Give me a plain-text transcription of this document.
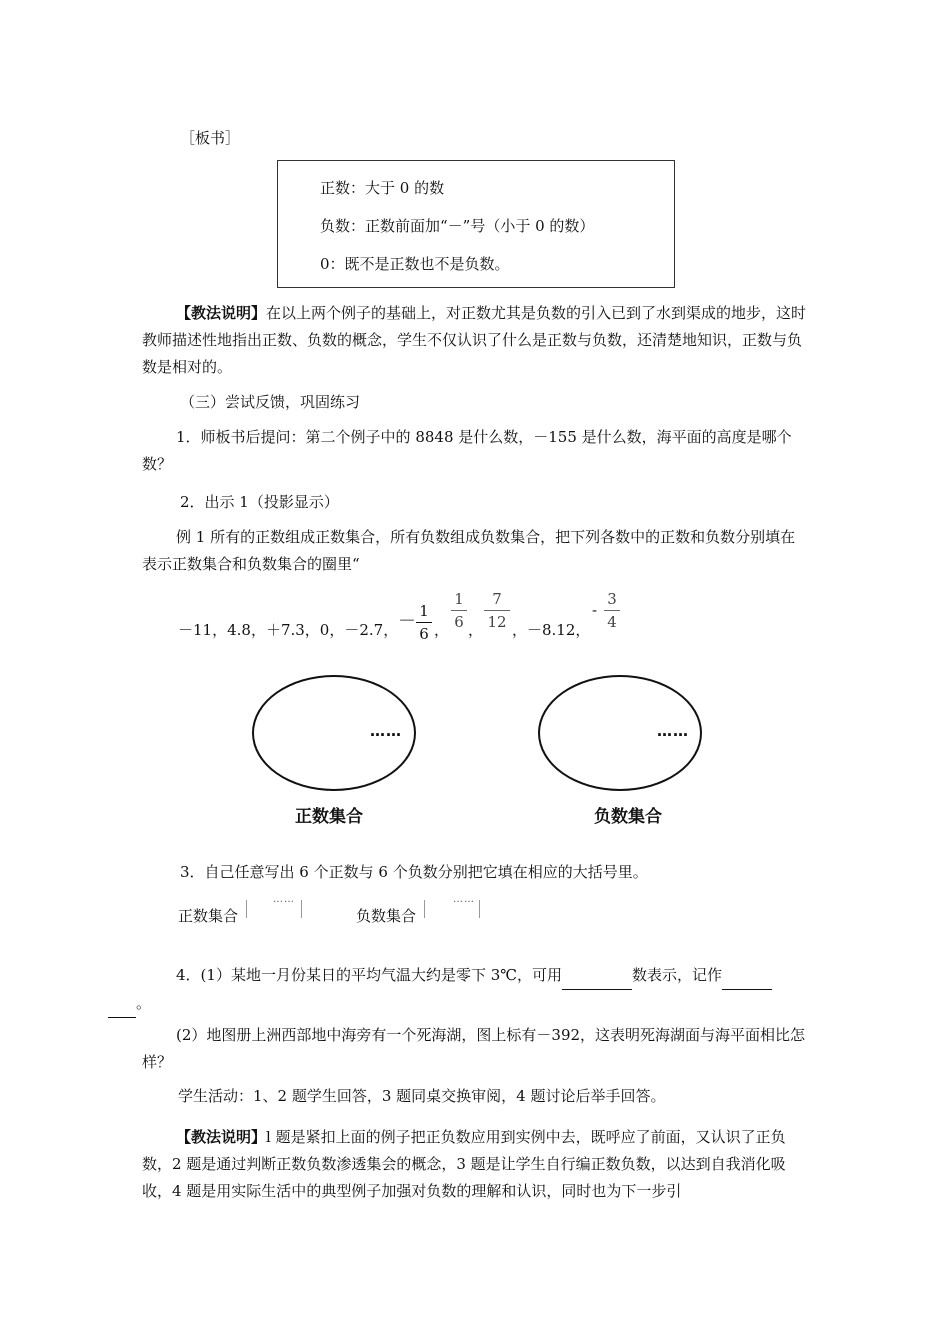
［板书］
正数：大于 0 的数
负数：正数前面加“－”号（小于 0 的数）
0：既不是正数也不是负数。
【教法说明】在以上两个例子的基础上，对正数尤其是负数的引入已到了水到渠成的地步，这时教师描述性地指出正数、负数的概念，学生不仅认识了什么是正数与负数，还清楚地知识，正数与负数是相对的。
（三）尝试反馈，巩固练习
1．师板书后提问：第二个例子中的 8848 是什么数，－155 是什么数，海平面的高度是哪个数？
2．出示 1（投影显示）
例 1 所有的正数组成正数集合，所有负数组成负数集合，把下列各数中的正数和负数分别填在表示正数集合和负数集合的圈里“
－11，4.8，＋7.3，0，－2.7， － 1
6 ，
1
6 ，
7
12 ，－8.12，
-
3
4
……
正数集合
……
负数集合
3．自己任意写出 6 个正数与 6 个负数分别把它填在相应的大括号里。
正数集合
……
负数集合
……
4．(1）某地一月份某日的平均气温大约是零下 3℃，可用	数表示，记作
。
(2）地图册上洲西部地中海旁有一个死海湖，图上标有－392，这表明死海湖面与海平面相比怎样？
学生活动：1、2 题学生回答，3 题同桌交换审阅，4 题讨论后举手回答。
【教法说明】l 题是紧扣上面的例子把正负数应用到实例中去，既呼应了前面，又认识了正负数，2 题是通过判断正数负数渗透集会的概念，3 题是让学生自行编正数负数，以达到自我消化吸收，4 题是用实际生活中的典型例子加强对负数的理解和认识，同时也为下一步引
